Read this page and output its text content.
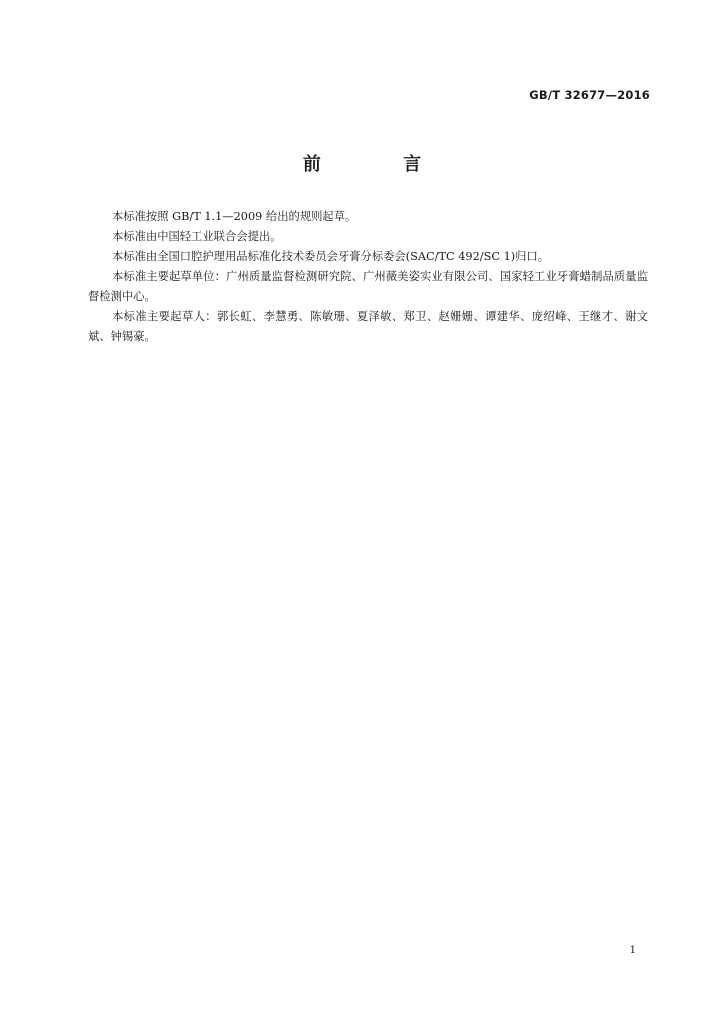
GB/T 32677—2016
前 言

本标准按照 GB/T 1.1—2009 给出的规则起草。

本标准由中国轻工业联合会提出。

本标准由全国口腔护理用品标准化技术委员会牙膏分标委会(SAC/TC 492/SC 1)归口。

本标准主要起草单位：广州质量监督检测研究院、广州薇美姿实业有限公司、国家轻工业牙膏蜡制品质量监督检测中心。

本标准主要起草人：郭长虹、李慧勇、陈敏珊、夏泽敏、郑卫、赵姗姗、谭建华、庞绍峰、王继才、谢文斌、钟锡豪。

1
